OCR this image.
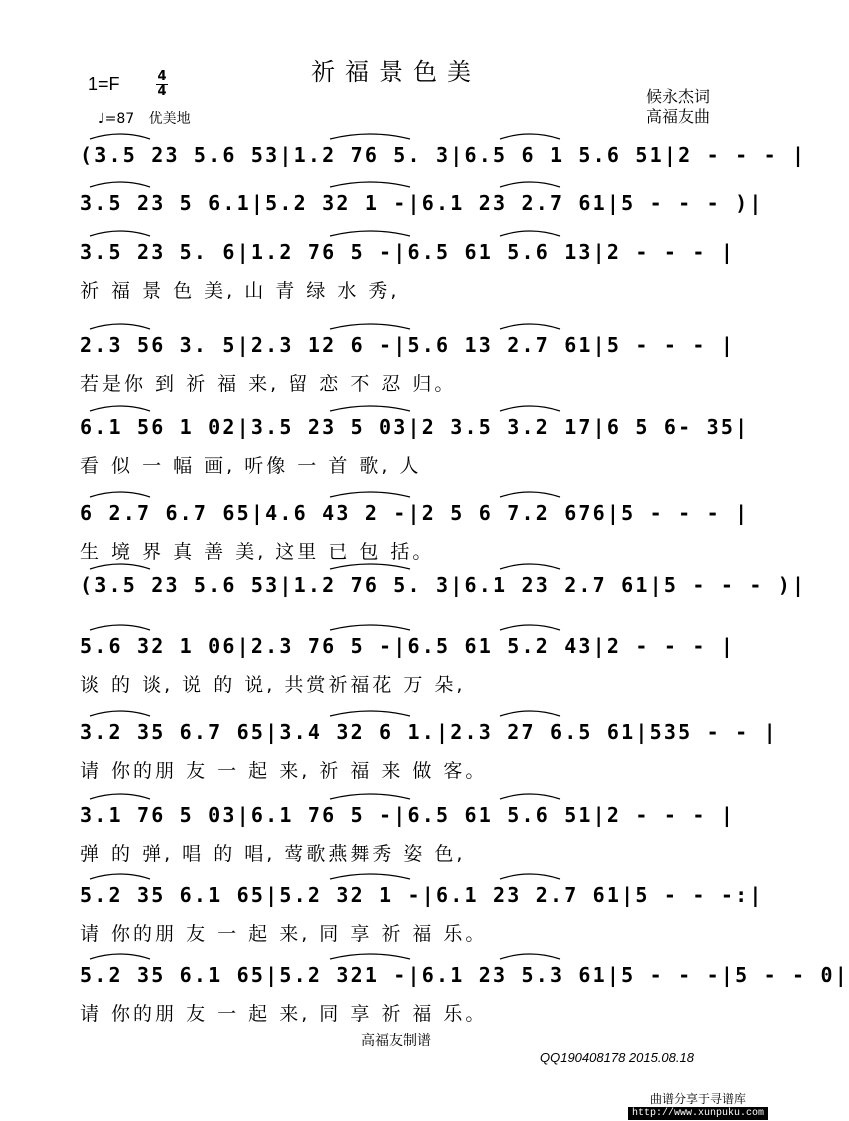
祈福景色美
1=F	4
4
♩=87 优美地
候永杰词
高福友曲
(3.5 23 5.6 53|1.2 76 5. 3|6.5 6 1 5.6 51|2 - - - |
3.5 23 5 6.1|5.2 32 1 -|6.1 23 2.7 61|5 - - - )|
3.5 23 5. 6|1.2 76 5 -|6.5 61 5.6 13|2 - - - |
祈 福 景 色 美, 山 青 绿 水 秀,
2.3 56 3. 5|2.3 12 6 -|5.6 13 2.7 61|5 - - - |
若是你 到 祈 福 来, 留 恋 不 忍 归。
6.1 56 1 02|3.5 23 5 03|2 3.5 3.2 17|6 5 6- 35|
看 似 一 幅 画, 听像 一 首 歌, 人
6 2.7 6.7 65|4.6 43 2 -|2 5 6 7.2 676|5 - - - |
生 境 界 真 善 美, 这里 已 包 括。
(3.5 23 5.6 53|1.2 76 5. 3|6.1 23 2.7 61|5 - - - )|
5.6 32 1 06|2.3 76 5 -|6.5 61 5.2 43|2 - - - |
谈 的 谈, 说 的 说, 共赏祈福花 万 朵,
3.2 35 6.7 65|3.4 32 6 1.|2.3 27 6.5 61|535 - - |
请 你的朋 友 一 起 来, 祈 福 来 做 客。
3.1 76 5 03|6.1 76 5 -|6.5 61 5.6 51|2 - - - |
弹 的 弹, 唱 的 唱, 莺歌燕舞秀 姿 色,
5.2 35 6.1 65|5.2 32 1 -|6.1 23 2.7 61|5 - - -:|
请 你的朋 友 一 起 来, 同 享 祈 福 乐。
5.2 35 6.1 65|5.2 321 -|6.1 23 5.3 61|5 - - -|5 - - 0|
请 你的朋 友 一 起 来, 同 享 祈 福 乐。
高福友制谱
QQ190408178 2015.08.18
曲谱分享于寻谱库
http://www.xunpuku.com
